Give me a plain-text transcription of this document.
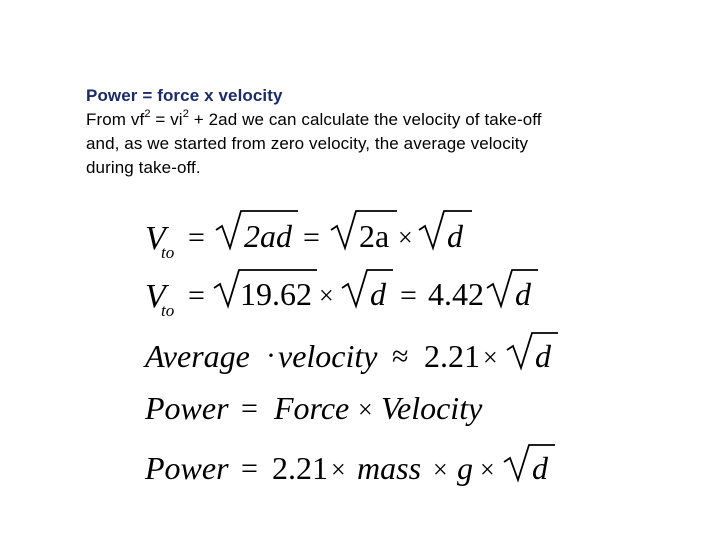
Power = force x velocity
From $vf^2 = vi^2 + 2ad$ we can calculate the velocity of take-off
and, as we started from zero velocity, the average velocity
during take-off.
V
to = 2ad = 2a × d
V
to = 19.62 × d = 4.42 d
Average · velocity ≈ 2.21 × d
Power = Force × Velocity
Power = 2.21 × mass × g × d
